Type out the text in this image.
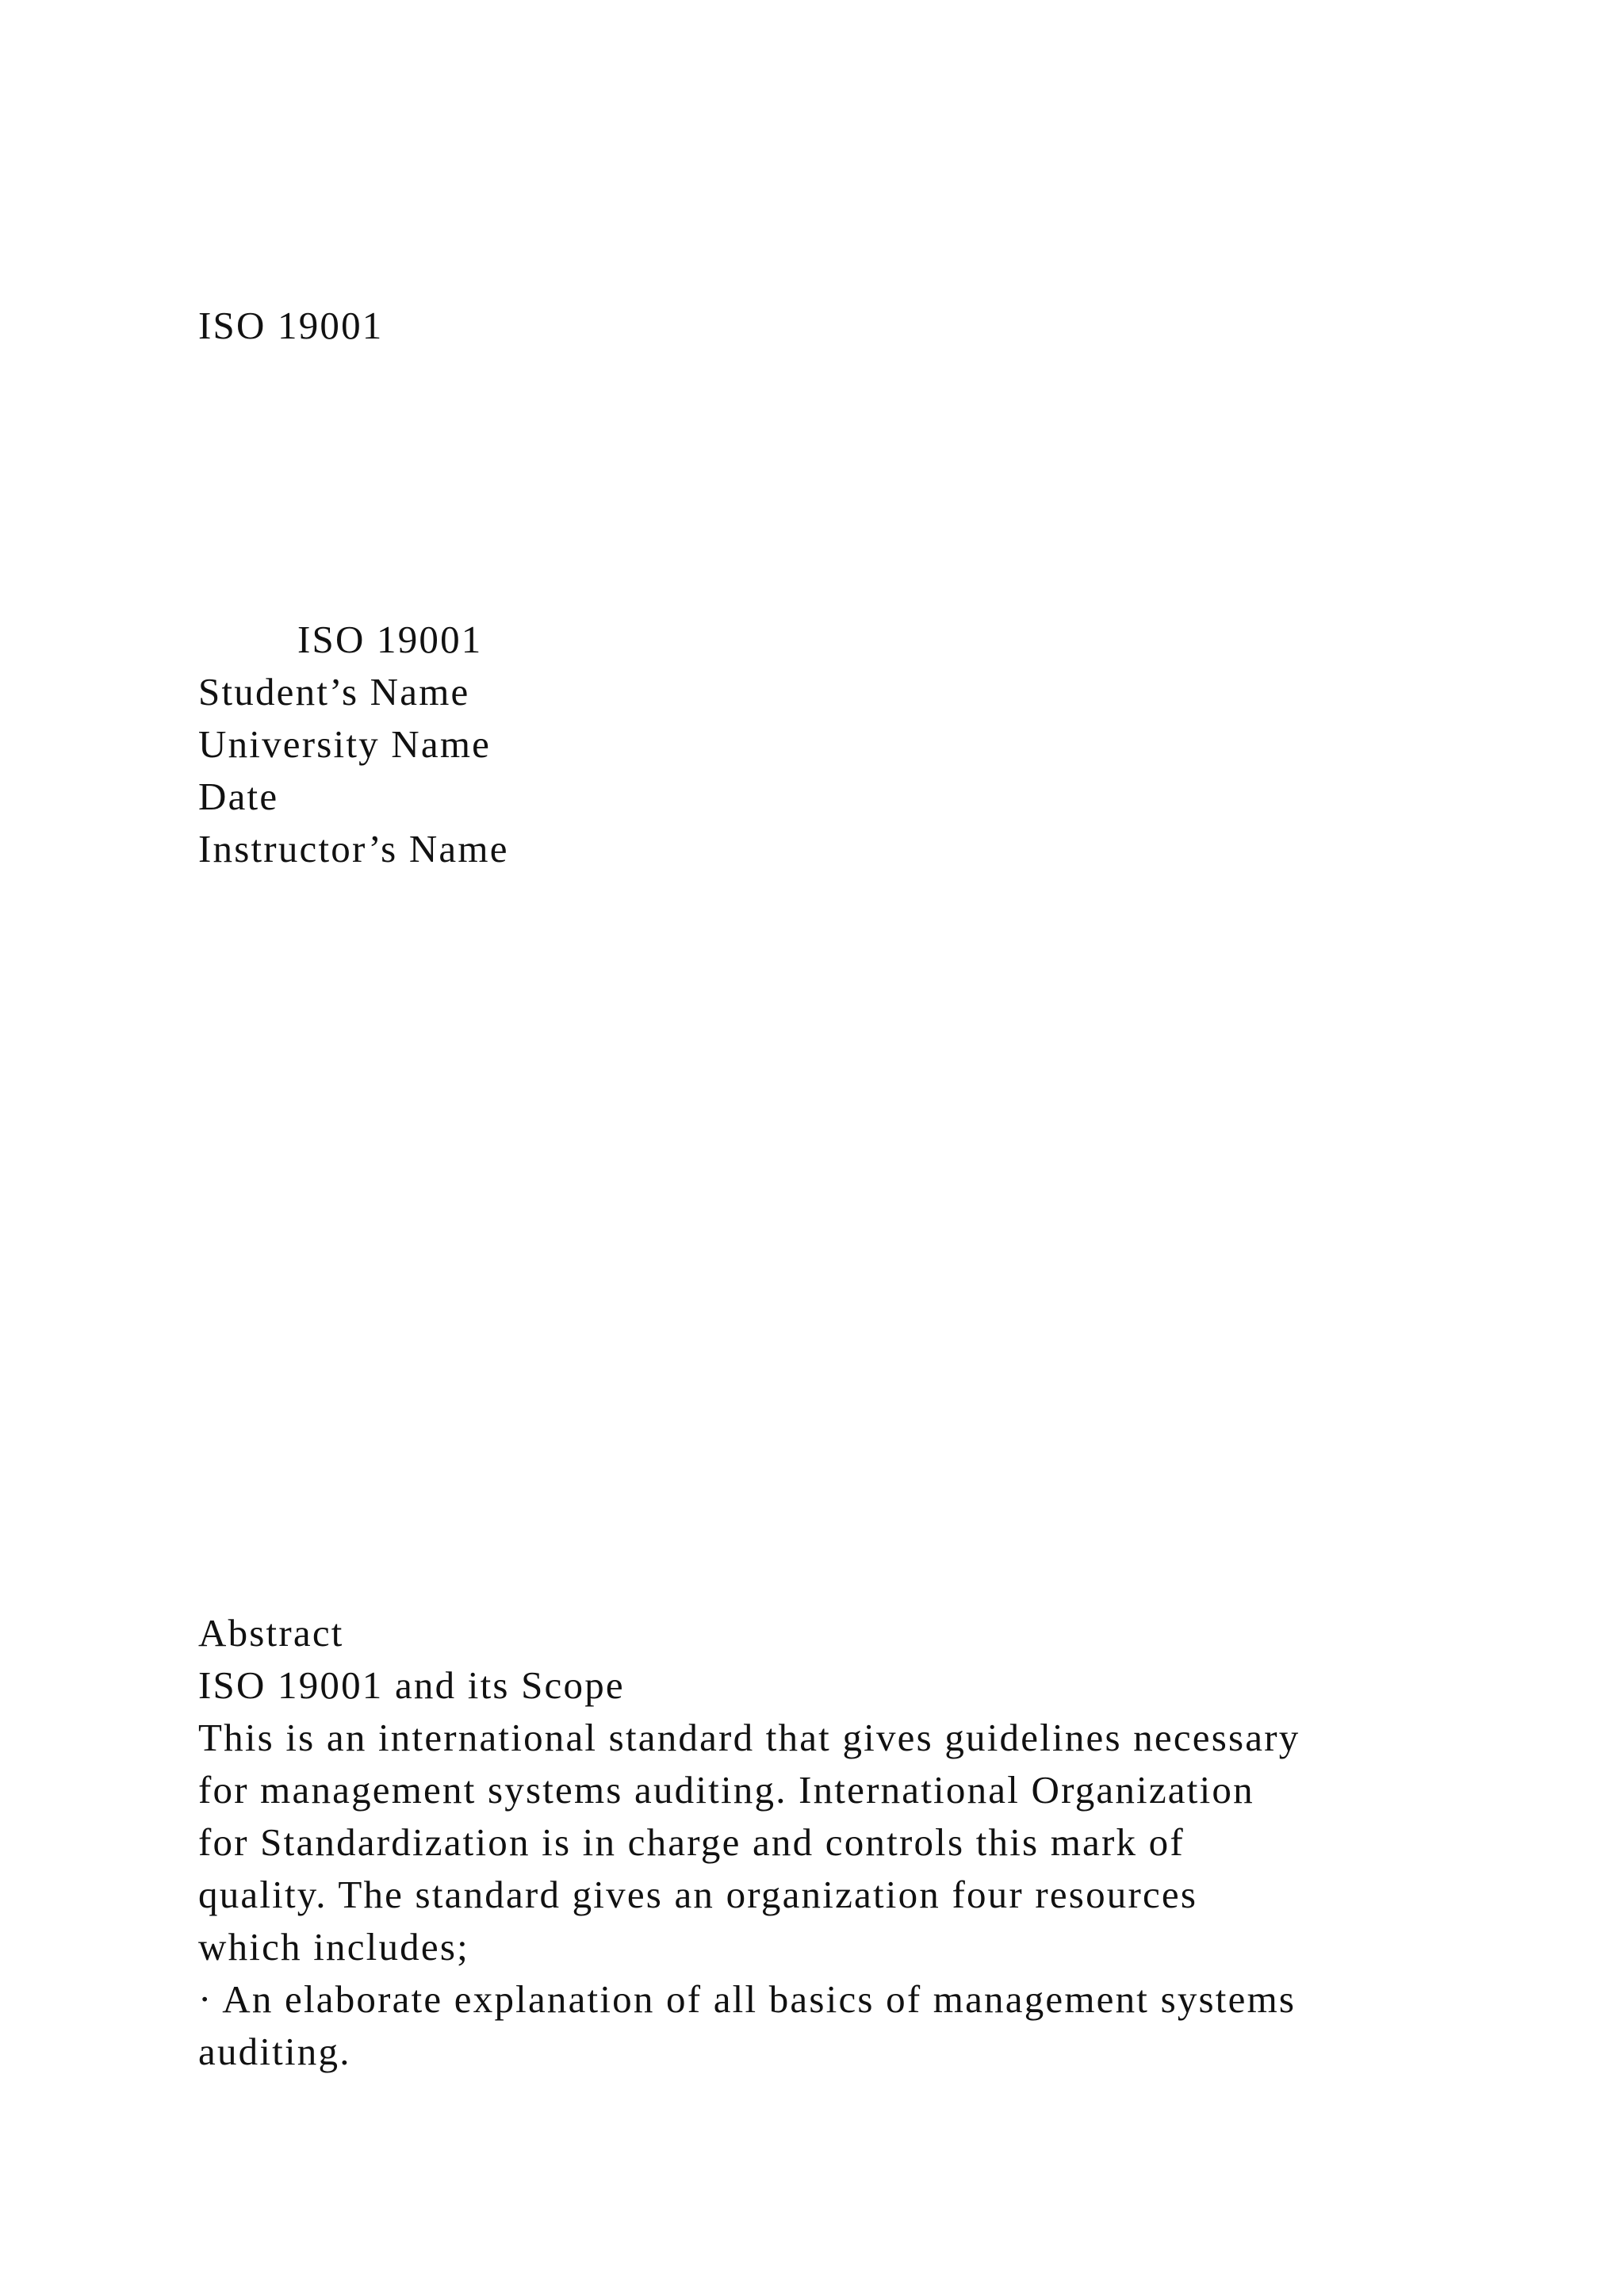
ISO 19001

ISO 19001

Student’s Name

University Name

Date

Instructor’s Name

Abstract

ISO 19001 and its Scope

This is an international standard that gives guidelines necessary

for management systems auditing. International Organization

for Standardization is in charge and controls this mark of

quality. The standard gives an organization four resources

which includes;

· An elaborate explanation of all basics of management systems

auditing.
